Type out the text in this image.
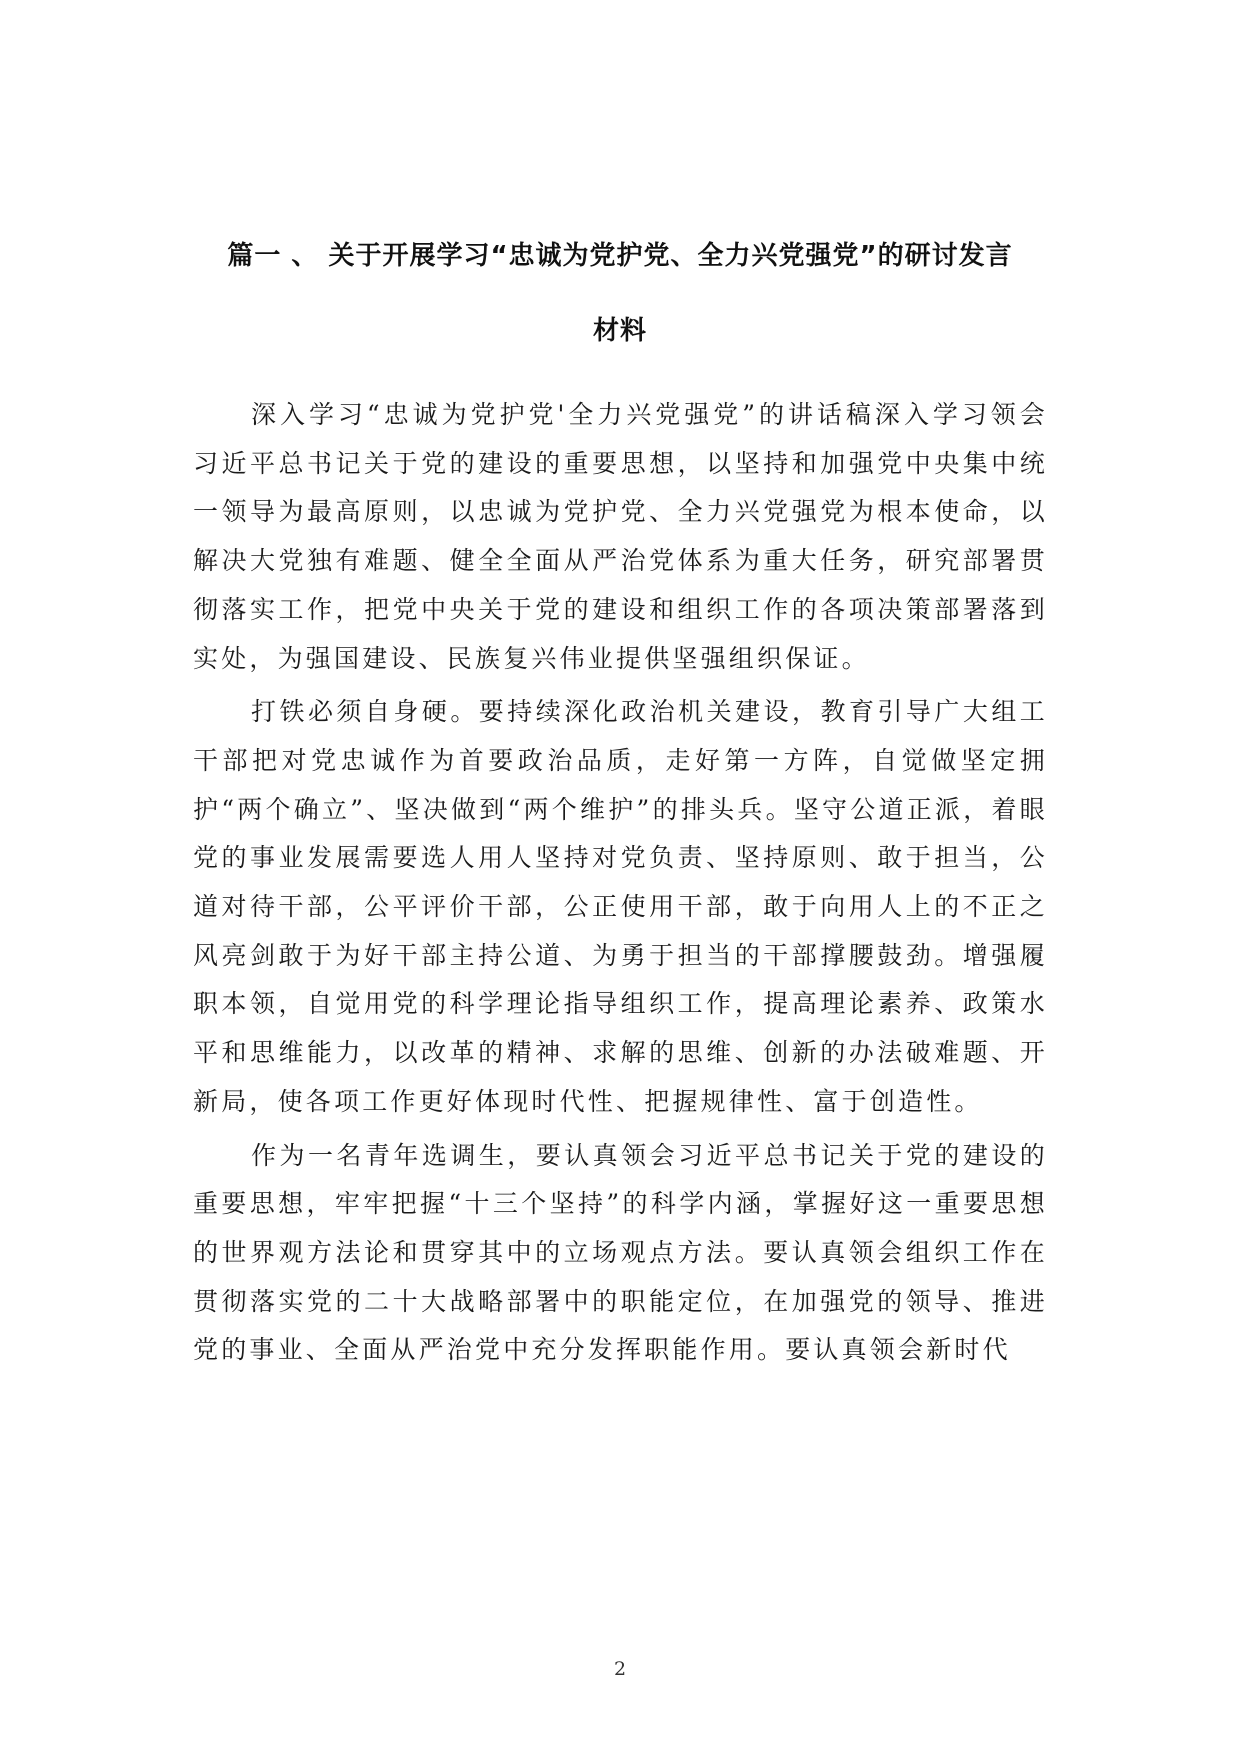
篇一 、 关于开展学习“忠诚为党护党、全力兴党强党”的研讨发言
材料

深入学习“忠诚为党护党'全力兴党强党”的讲话稿深入学习领会习近平总书记关于党的建设的重要思想，以坚持和加强党中央集中统一领导为最高原则，以忠诚为党护党、全力兴党强党为根本使命，以解决大党独有难题、健全全面从严治党体系为重大任务，研究部署贯彻落实工作，把党中央关于党的建设和组织工作的各项决策部署落到实处，为强国建设、民族复兴伟业提供坚强组织保证。

打铁必须自身硬。要持续深化政治机关建设，教育引导广大组工干部把对党忠诚作为首要政治品质，走好第一方阵，自觉做坚定拥护“两个确立”、坚决做到“两个维护”的排头兵。坚守公道正派，着眼党的事业发展需要选人用人坚持对党负责、坚持原则、敢于担当，公道对待干部，公平评价干部，公正使用干部，敢于向用人上的不正之风亮剑敢于为好干部主持公道、为勇于担当的干部撑腰鼓劲。增强履职本领，自觉用党的科学理论指导组织工作，提高理论素养、政策水平和思维能力，以改革的精神、求解的思维、创新的办法破难题、开新局，使各项工作更好体现时代性、把握规律性、富于创造性。

作为一名青年选调生，要认真领会习近平总书记关于党的建设的重要思想，牢牢把握“十三个坚持”的科学内涵，掌握好这一重要思想的世界观方法论和贯穿其中的立场观点方法。要认真领会组织工作在贯彻落实党的二十大战略部署中的职能定位，在加强党的领导、推进党的事业、全面从严治党中充分发挥职能作用。要认真领会新时代

2
